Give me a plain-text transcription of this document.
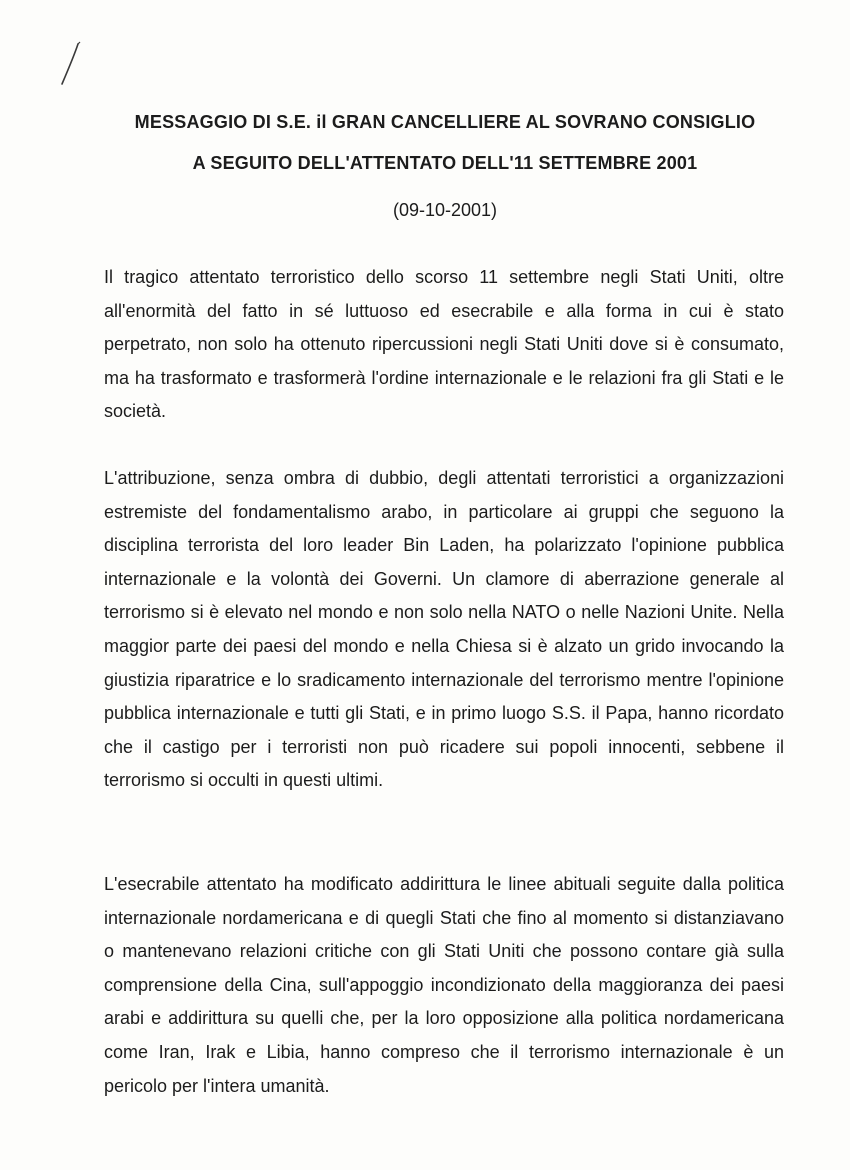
MESSAGGIO DI S.E. il GRAN CANCELLIERE AL SOVRANO CONSIGLIO
A SEGUITO DELL'ATTENTATO DELL'11 SETTEMBRE 2001
(09-10-2001)

Il tragico attentato terroristico dello scorso 11 settembre negli Stati Uniti, oltre all'enormità del fatto in sé luttuoso ed esecrabile e alla forma in cui è stato perpetrato, non solo ha ottenuto ripercussioni negli Stati Uniti dove si è consumato, ma ha trasformato e trasformerà l'ordine internazionale e le relazioni fra gli Stati e le società.

L'attribuzione, senza ombra di dubbio, degli attentati terroristici a organizzazioni estremiste del fondamentalismo arabo, in particolare ai gruppi che seguono la disciplina terrorista del loro leader Bin Laden, ha polarizzato l'opinione pubblica internazionale e la volontà dei Governi. Un clamore di aberrazione generale al terrorismo si è elevato nel mondo e non solo nella NATO o nelle Nazioni Unite. Nella maggior parte dei paesi del mondo e nella Chiesa si è alzato un grido invocando la giustizia riparatrice e lo sradicamento internazionale del terrorismo mentre l'opinione pubblica internazionale e tutti gli Stati, e in primo luogo S.S. il Papa, hanno ricordato che il castigo per i terroristi non può ricadere sui popoli innocenti, sebbene il terrorismo si occulti in questi ultimi.

L'esecrabile attentato ha modificato addirittura le linee abituali seguite dalla politica internazionale nordamericana e di quegli Stati che fino al momento si distanziavano o mantenevano relazioni critiche con gli Stati Uniti che possono contare già sulla comprensione della Cina, sull'appoggio incondizionato della maggioranza dei paesi arabi e addirittura su quelli che, per la loro opposizione alla politica nordamericana come Iran, Irak e Libia, hanno compreso che il terrorismo internazionale è un pericolo per l'intera umanità.
